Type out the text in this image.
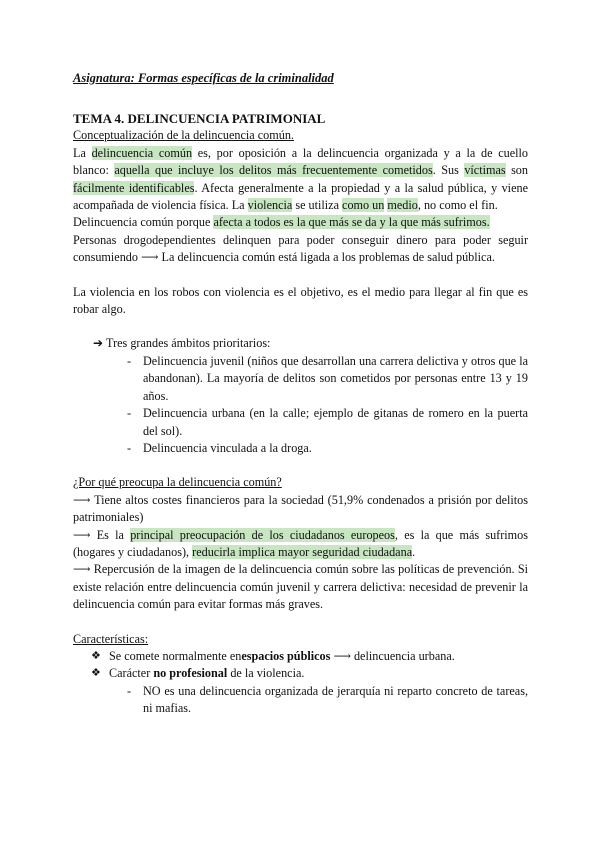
Asignatura: Formas específicas de la criminalidad

TEMA 4. DELINCUENCIA PATRIMONIAL

Conceptualización de la delincuencia común.

La delincuencia común es, por oposición a la delincuencia organizada y a la de cuello blanco: aquella que incluye los delitos más frecuentemente cometidos. Sus víctimas son fácilmente identificables. Afecta generalmente a la propiedad y a la salud pública, y viene acompañada de violencia física. La violencia se utiliza como un medio, no como el fin.

Delincuencia común porque afecta a todos es la que más se da y la que más sufrimos.

Personas drogodependientes delinquen para poder conseguir dinero para poder seguir consumiendo ⟶ La delincuencia común está ligada a los problemas de salud pública.

La violencia en los robos con violencia es el objetivo, es el medio para llegar al fin que es robar algo.

➔ Tres grandes ámbitos prioritarios:

- Delincuencia juvenil (niños que desarrollan una carrera delictiva y otros que la abandonan). La mayoría de delitos son cometidos por personas entre 13 y 19 años.
- Delincuencia urbana (en la calle; ejemplo de gitanas de romero en la puerta del sol).
- Delincuencia vinculada a la droga.

¿Por qué preocupa la delincuencia común?

⟶ Tiene altos costes financieros para la sociedad (51,9% condenados a prisión por delitos patrimoniales)

⟶ Es la principal preocupación de los ciudadanos europeos, es la que más sufrimos (hogares y ciudadanos), reducirla implica mayor seguridad ciudadana.

⟶ Repercusión de la imagen de la delincuencia común sobre las políticas de prevención. Si existe relación entre delincuencia común juvenil y carrera delictiva: necesidad de prevenir la delincuencia común para evitar formas más graves.

Características:

❖ Se comete normalmente enespacios públicos ⟶ delincuencia urbana.
❖ Carácter no profesional de la violencia.
- NO es una delincuencia organizada de jerarquía ni reparto concreto de tareas, ni mafias.
